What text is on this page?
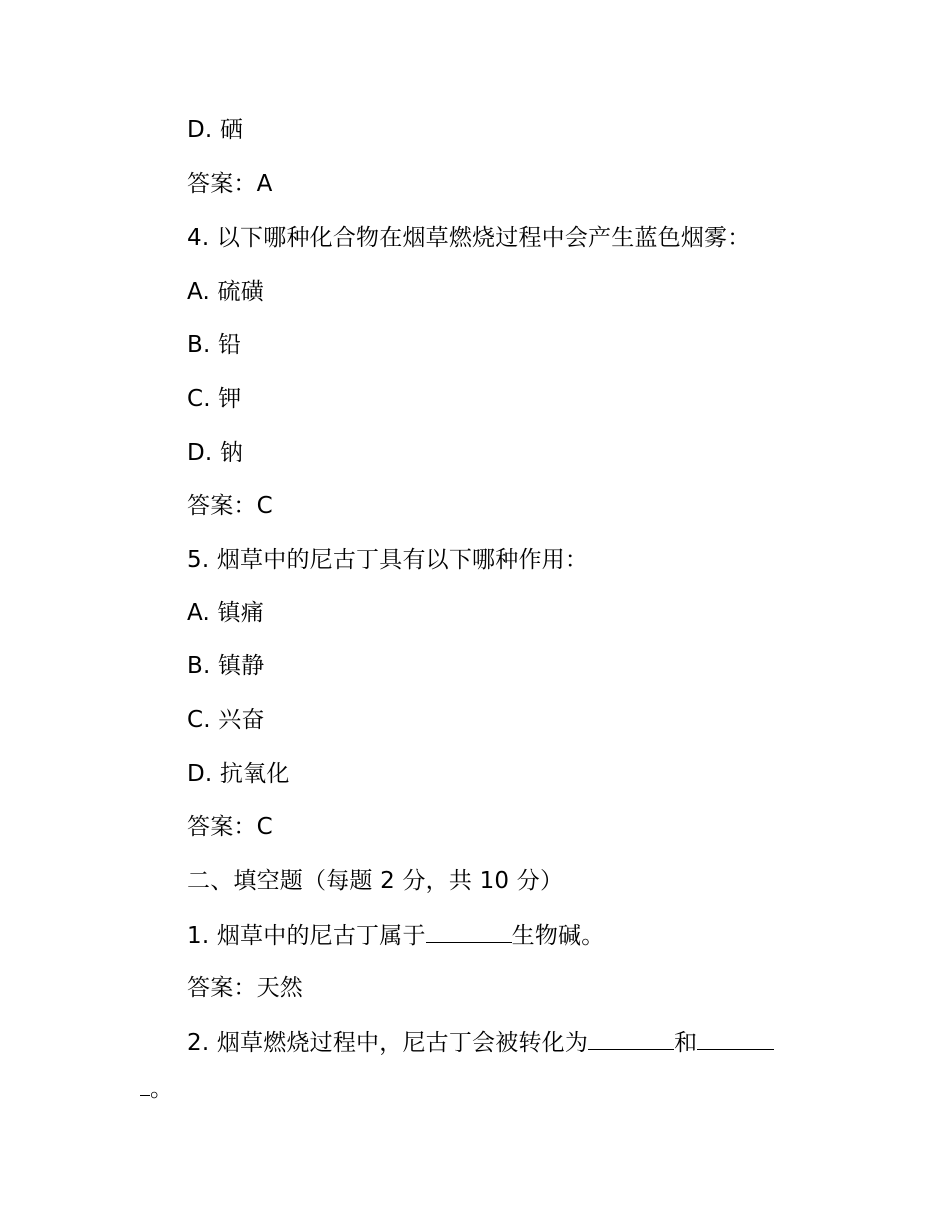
D. 硒
答案：A
4. 以下哪种化合物在烟草燃烧过程中会产生蓝色烟雾：
A. 硫磺
B. 铅
C. 钾
D. 钠
答案：C
5. 烟草中的尼古丁具有以下哪种作用：
A. 镇痛
B. 镇静
C. 兴奋
D. 抗氧化
答案：C
二、填空题（每题 2 分，共 10 分）
1. 烟草中的尼古丁属于	生物碱。
答案：天然
2. 烟草燃烧过程中，尼古丁会被转化为	和
。
